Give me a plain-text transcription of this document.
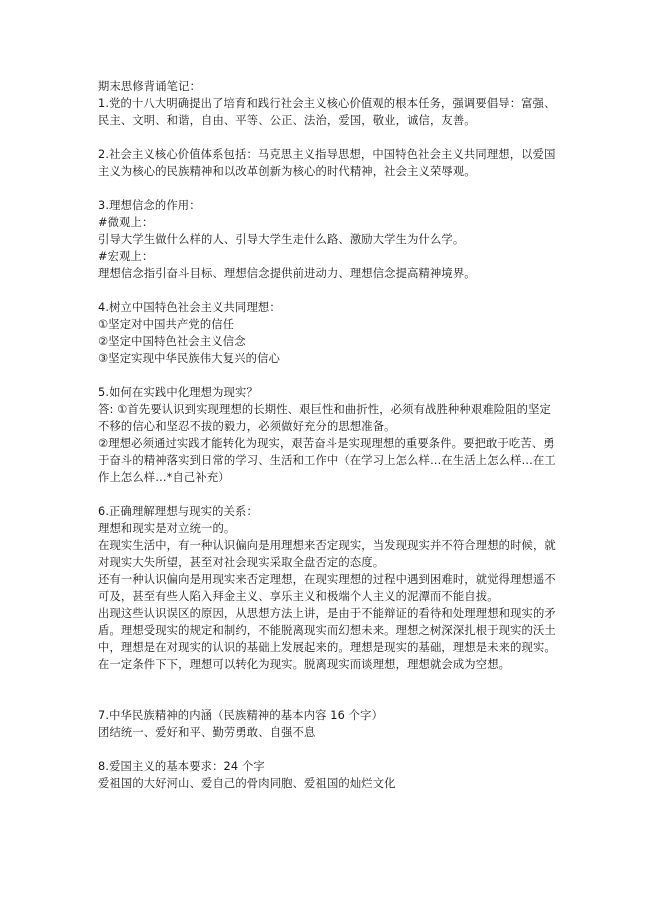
期末思修背诵笔记：
1.党的十八大明确提出了培育和践行社会主义核心价值观的根本任务，强调要倡导：富强、
民主、文明、和谐，自由、平等、公正、法治，爱国，敬业，诚信，友善。
2.社会主义核心价值体系包括：马克思主义指导思想，中国特色社会主义共同理想，以爱国
主义为核心的民族精神和以改革创新为核心的时代精神，社会主义荣辱观。
3.理想信念的作用：
#微观上：
引导大学生做什么样的人、引导大学生走什么路、激励大学生为什么学。
#宏观上：
理想信念指引奋斗目标、理想信念提供前进动力、理想信念提高精神境界。
4.树立中国特色社会主义共同理想：
①坚定对中国共产党的信任
②坚定中国特色社会主义信念
③坚定实现中华民族伟大复兴的信心
5.如何在实践中化理想为现实？
答: ①首先要认识到实现理想的长期性、艰巨性和曲折性，必须有战胜种种艰难险阻的坚定
不移的信心和坚忍不拔的毅力，必须做好充分的思想准备。
②理想必须通过实践才能转化为现实，艰苦奋斗是实现理想的重要条件。要把敢于吃苦、勇
于奋斗的精神落实到日常的学习、生活和工作中（在学习上怎么样…在生活上怎么样…在工
作上怎么样…*自己补充）
6.正确理解理想与现实的关系：
理想和现实是对立统一的。
在现实生活中，有一种认识偏向是用理想来否定现实，当发现现实并不符合理想的时候，就
对现实大失所望，甚至对社会现实采取全盘否定的态度。
还有一种认识偏向是用现实来否定理想，在现实理想的过程中遇到困难时，就觉得理想遥不
可及，甚至有些人陷入拜金主义、享乐主义和极端个人主义的泥潭而不能自拔。
出现这些认识误区的原因，从思想方法上讲，是由于不能辩证的看待和处理理想和现实的矛
盾。理想受现实的规定和制约，不能脱离现实而幻想未来。理想之树深深扎根于现实的沃土
中，理想是在对现实的认识的基础上发展起来的。理想是现实的基础，理想是未来的现实。
在一定条件下下，理想可以转化为现实。脱离现实而谈理想，理想就会成为空想。
7.中华民族精神的内涵（民族精神的基本内容 16 个字）
团结统一、爱好和平、勤劳勇敢、自强不息
8.爱国主义的基本要求：24 个字
爱祖国的大好河山、爱自己的骨肉同胞、爱祖国的灿烂文化
